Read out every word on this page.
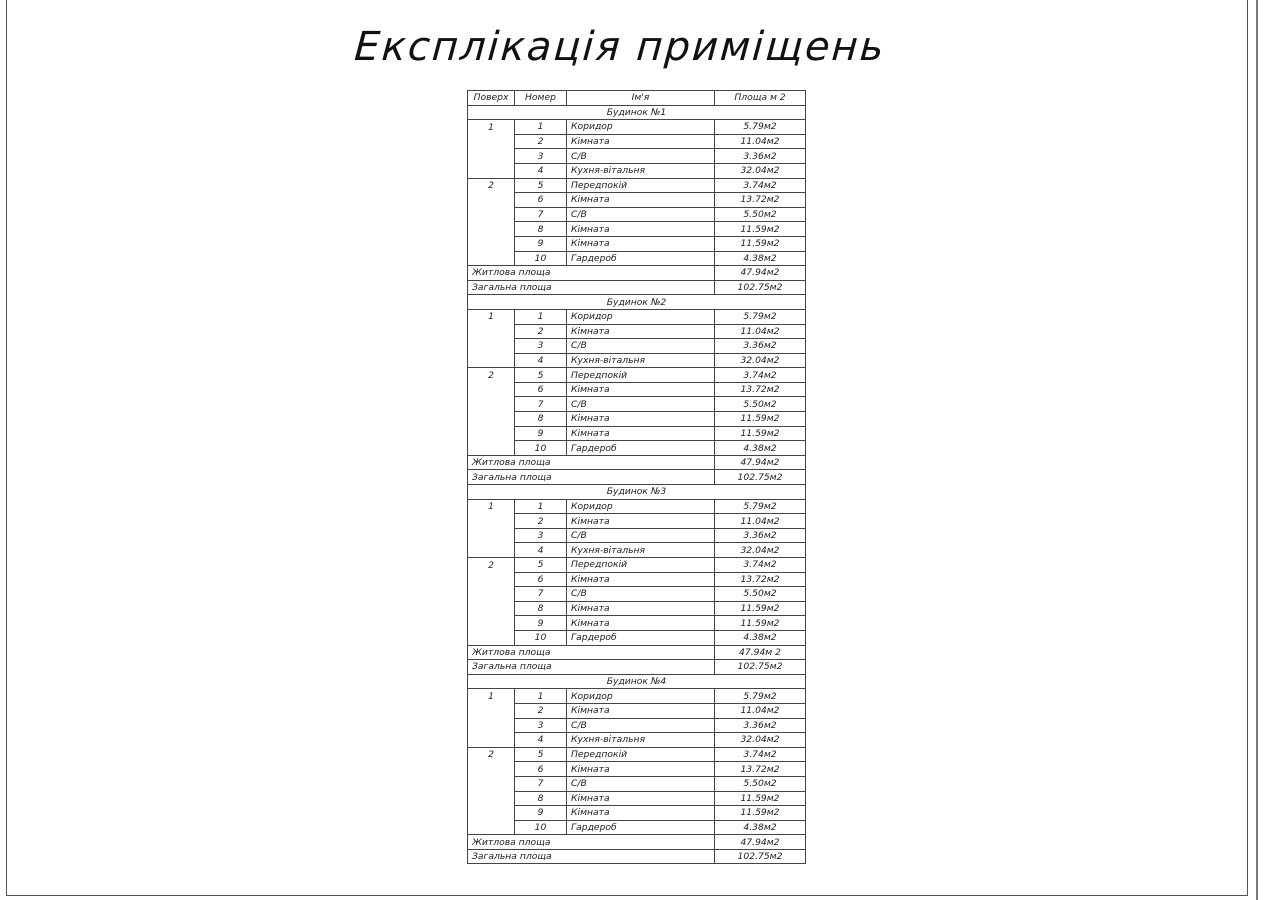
Експлікація приміщень
Поверх	Номер	Ім'я	Площа м 2
Будинок №1			
1	1	Коридор	5.79м2
	2	Кімната	11.04м2
	3	С/В	3.36м2
	4	Кухня-вітальня	32.04м2
2	5	Передпокій	3.74м2
	6	Кімната	13.72м2
	7	С/В	5.50м2
	8	Кімната	11.59м2
	9	Кімната	11.59м2
	10	Гардероб	4.38м2
Житлова площа			47.94м2
Загальна площа			102.75м2
Будинок №2			
1	1	Коридор	5.79м2
	2	Кімната	11.04м2
	3	С/В	3.36м2
	4	Кухня-вітальня	32.04м2
2	5	Передпокій	3.74м2
	6	Кімната	13.72м2
	7	С/В	5.50м2
	8	Кімната	11.59м2
	9	Кімната	11.59м2
	10	Гардероб	4.38м2
Житлова площа			47.94м2
Загальна площа			102.75м2
Будинок №3			
1	1	Коридор	5.79м2
	2	Кімната	11.04м2
	3	С/В	3.36м2
	4	Кухня-вітальня	32.04м2
2	5	Передпокій	3.74м2
	6	Кімната	13.72м2
	7	С/В	5.50м2
	8	Кімната	11.59м2
	9	Кімната	11.59м2
	10	Гардероб	4.38м2
Житлова площа			47.94м 2
Загальна площа			102.75м2
Будинок №4			
1	1	Коридор	5.79м2
	2	Кімната	11.04м2
	3	С/В	3.36м2
	4	Кухня-вітальня	32.04м2
2	5	Передпокій	3.74м2
	6	Кімната	13.72м2
	7	С/В	5.50м2
	8	Кімната	11.59м2
	9	Кімната	11.59м2
	10	Гардероб	4.38м2
Житлова площа			47.94м2
Загальна площа			102.75м2
